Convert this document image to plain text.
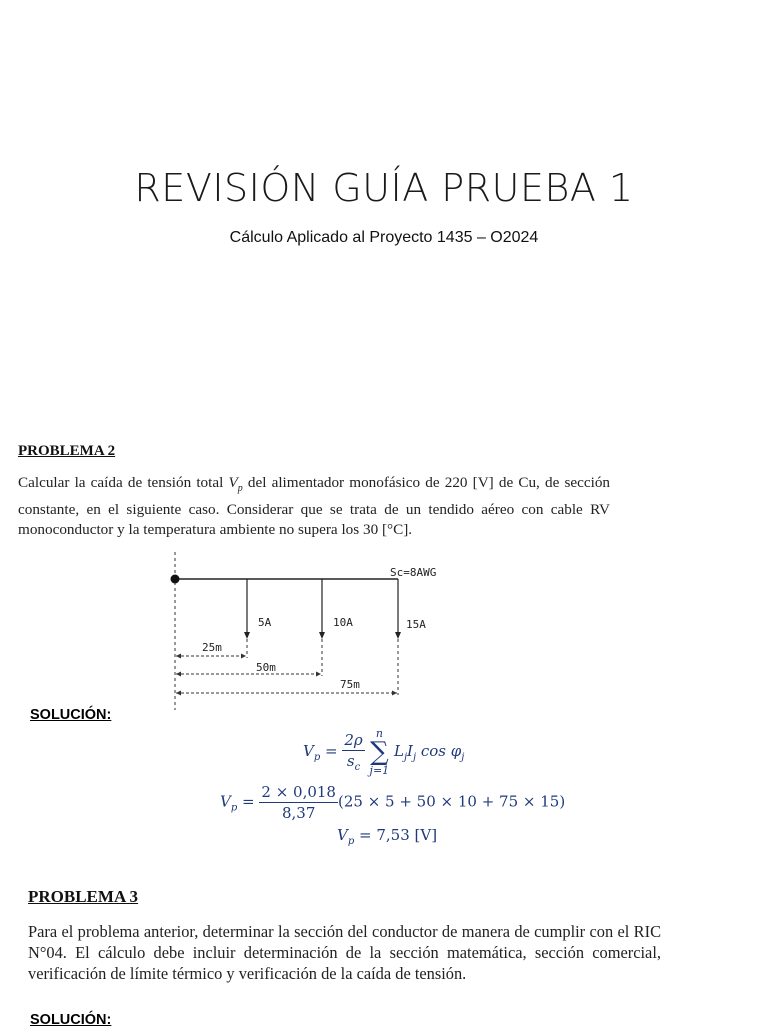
REVISIÓN GUÍA PRUEBA 1
Cálculo Aplicado al Proyecto 1435 – O2024
PROBLEMA 2

Calcular la caída de tensión total $V_p$ del alimentador monofásico de 220 [V] de Cu, de sección constante, en el siguiente caso. Considerar que se trata de un tendido aéreo con cable RV monoconductor y la temperatura ambiente no supera los 30 [°C].

Sc=8AWG
5A	10A	15A
25m
50m
75m
SOLUCIÓN:
$V_p = \frac{2\rho}{s_c}$
	n
∑
j=1
$L_jI_j$ $\cos \varphi_j$
$V_p = \frac{2 \times 0,018}{8,37} (25 \times 5 + 50 \times 10 + 75 \times 15)$
$V_p = 7,53$ [V]
PROBLEMA 3

Para el problema anterior, determinar la sección del conductor de manera de cumplir con el RIC N°04. El cálculo debe incluir determinación de la sección matemática, sección comercial, verificación de límite térmico y verificación de la caída de tensión.

SOLUCIÓN:
